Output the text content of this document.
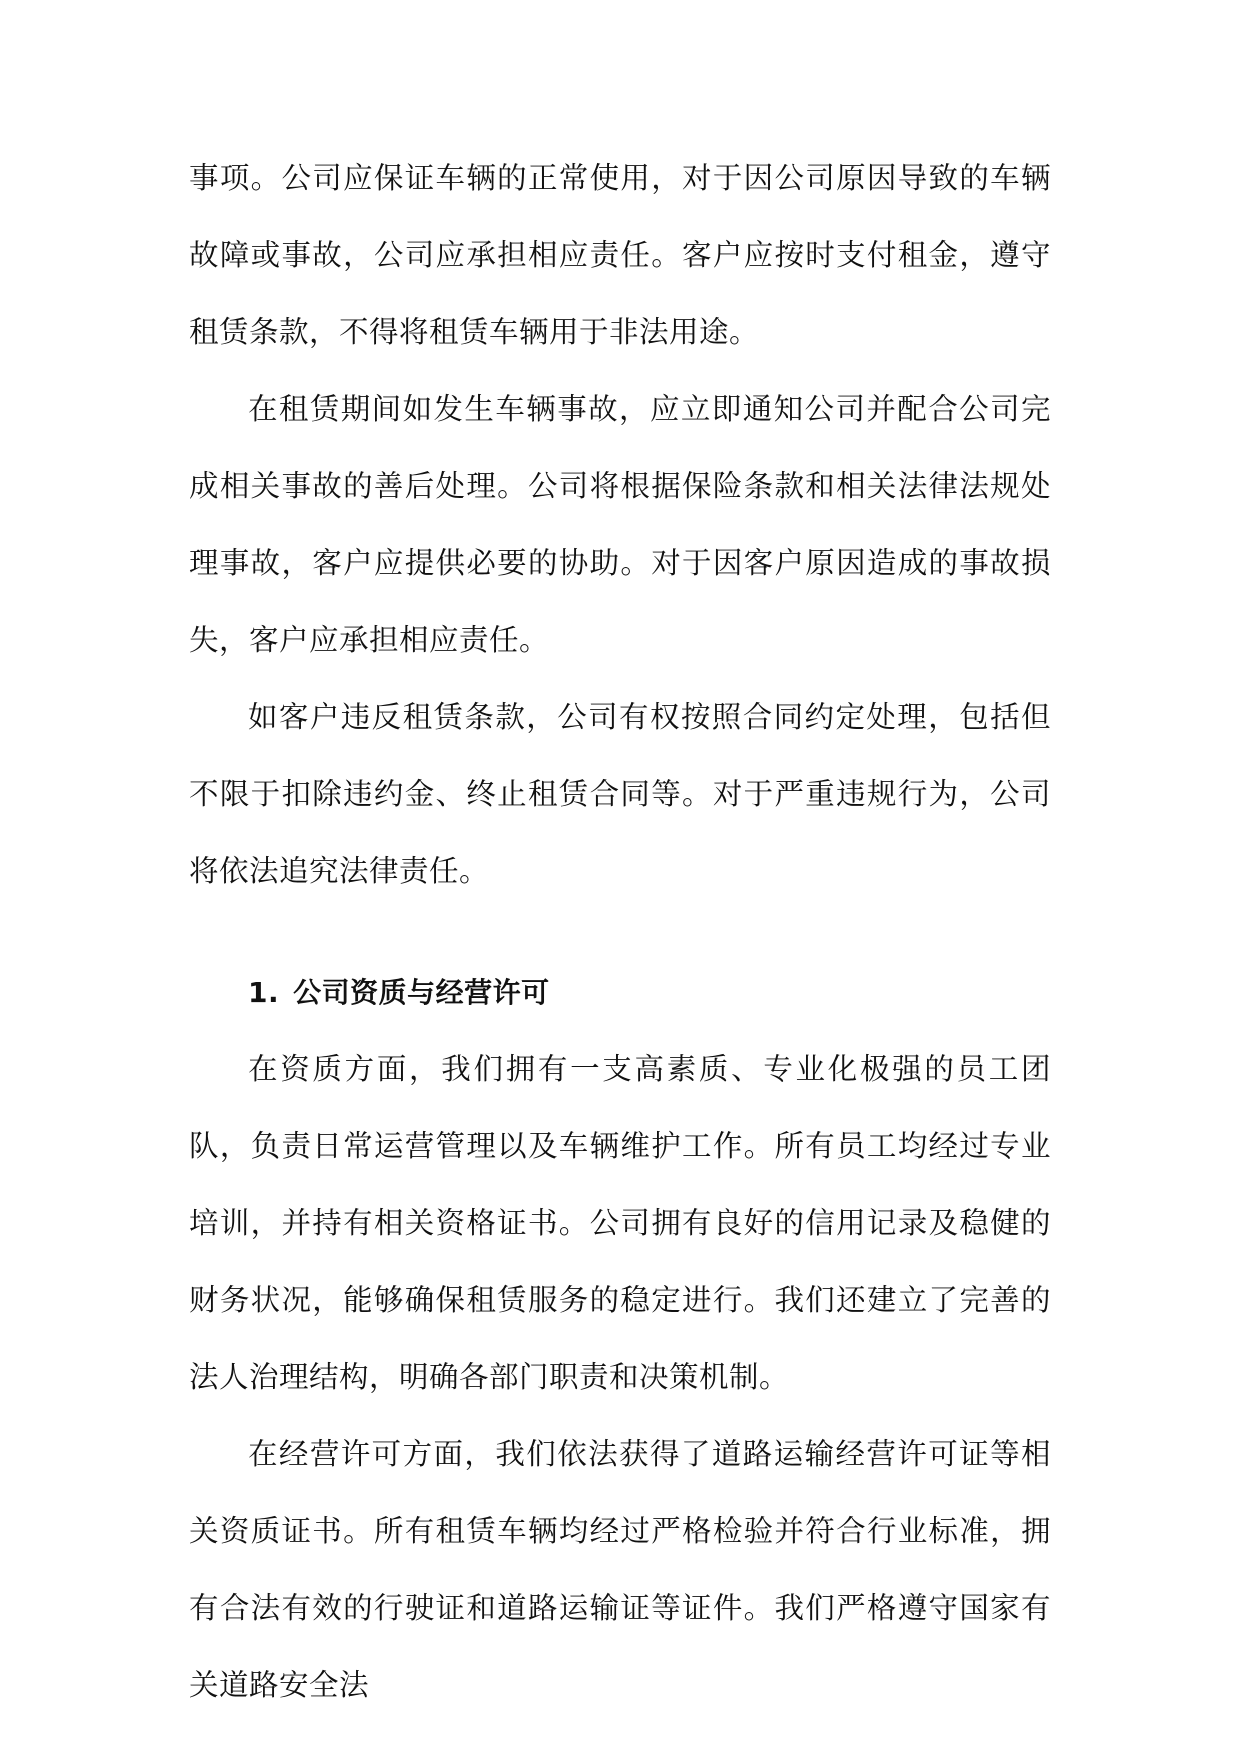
事项。公司应保证车辆的正常使用，对于因公司原因导致的车辆故障或事故，公司应承担相应责任。客户应按时支付租金，遵守租赁条款，不得将租赁车辆用于非法用途。

在租赁期间如发生车辆事故，应立即通知公司并配合公司完成相关事故的善后处理。公司将根据保险条款和相关法律法规处理事故，客户应提供必要的协助。对于因客户原因造成的事故损失，客户应承担相应责任。

如客户违反租赁条款，公司有权按照合同约定处理，包括但不限于扣除违约金、终止租赁合同等。对于严重违规行为，公司将依法追究法律责任。

1. 公司资质与经营许可

在资质方面，我们拥有一支高素质、专业化极强的员工团队，负责日常运营管理以及车辆维护工作。所有员工均经过专业培训，并持有相关资格证书。公司拥有良好的信用记录及稳健的财务状况，能够确保租赁服务的稳定进行。我们还建立了完善的法人治理结构，明确各部门职责和决策机制。

在经营许可方面，我们依法获得了道路运输经营许可证等相关资质证书。所有租赁车辆均经过严格检验并符合行业标准，拥有合法有效的行驶证和道路运输证等证件。我们严格遵守国家有关道路安全法
